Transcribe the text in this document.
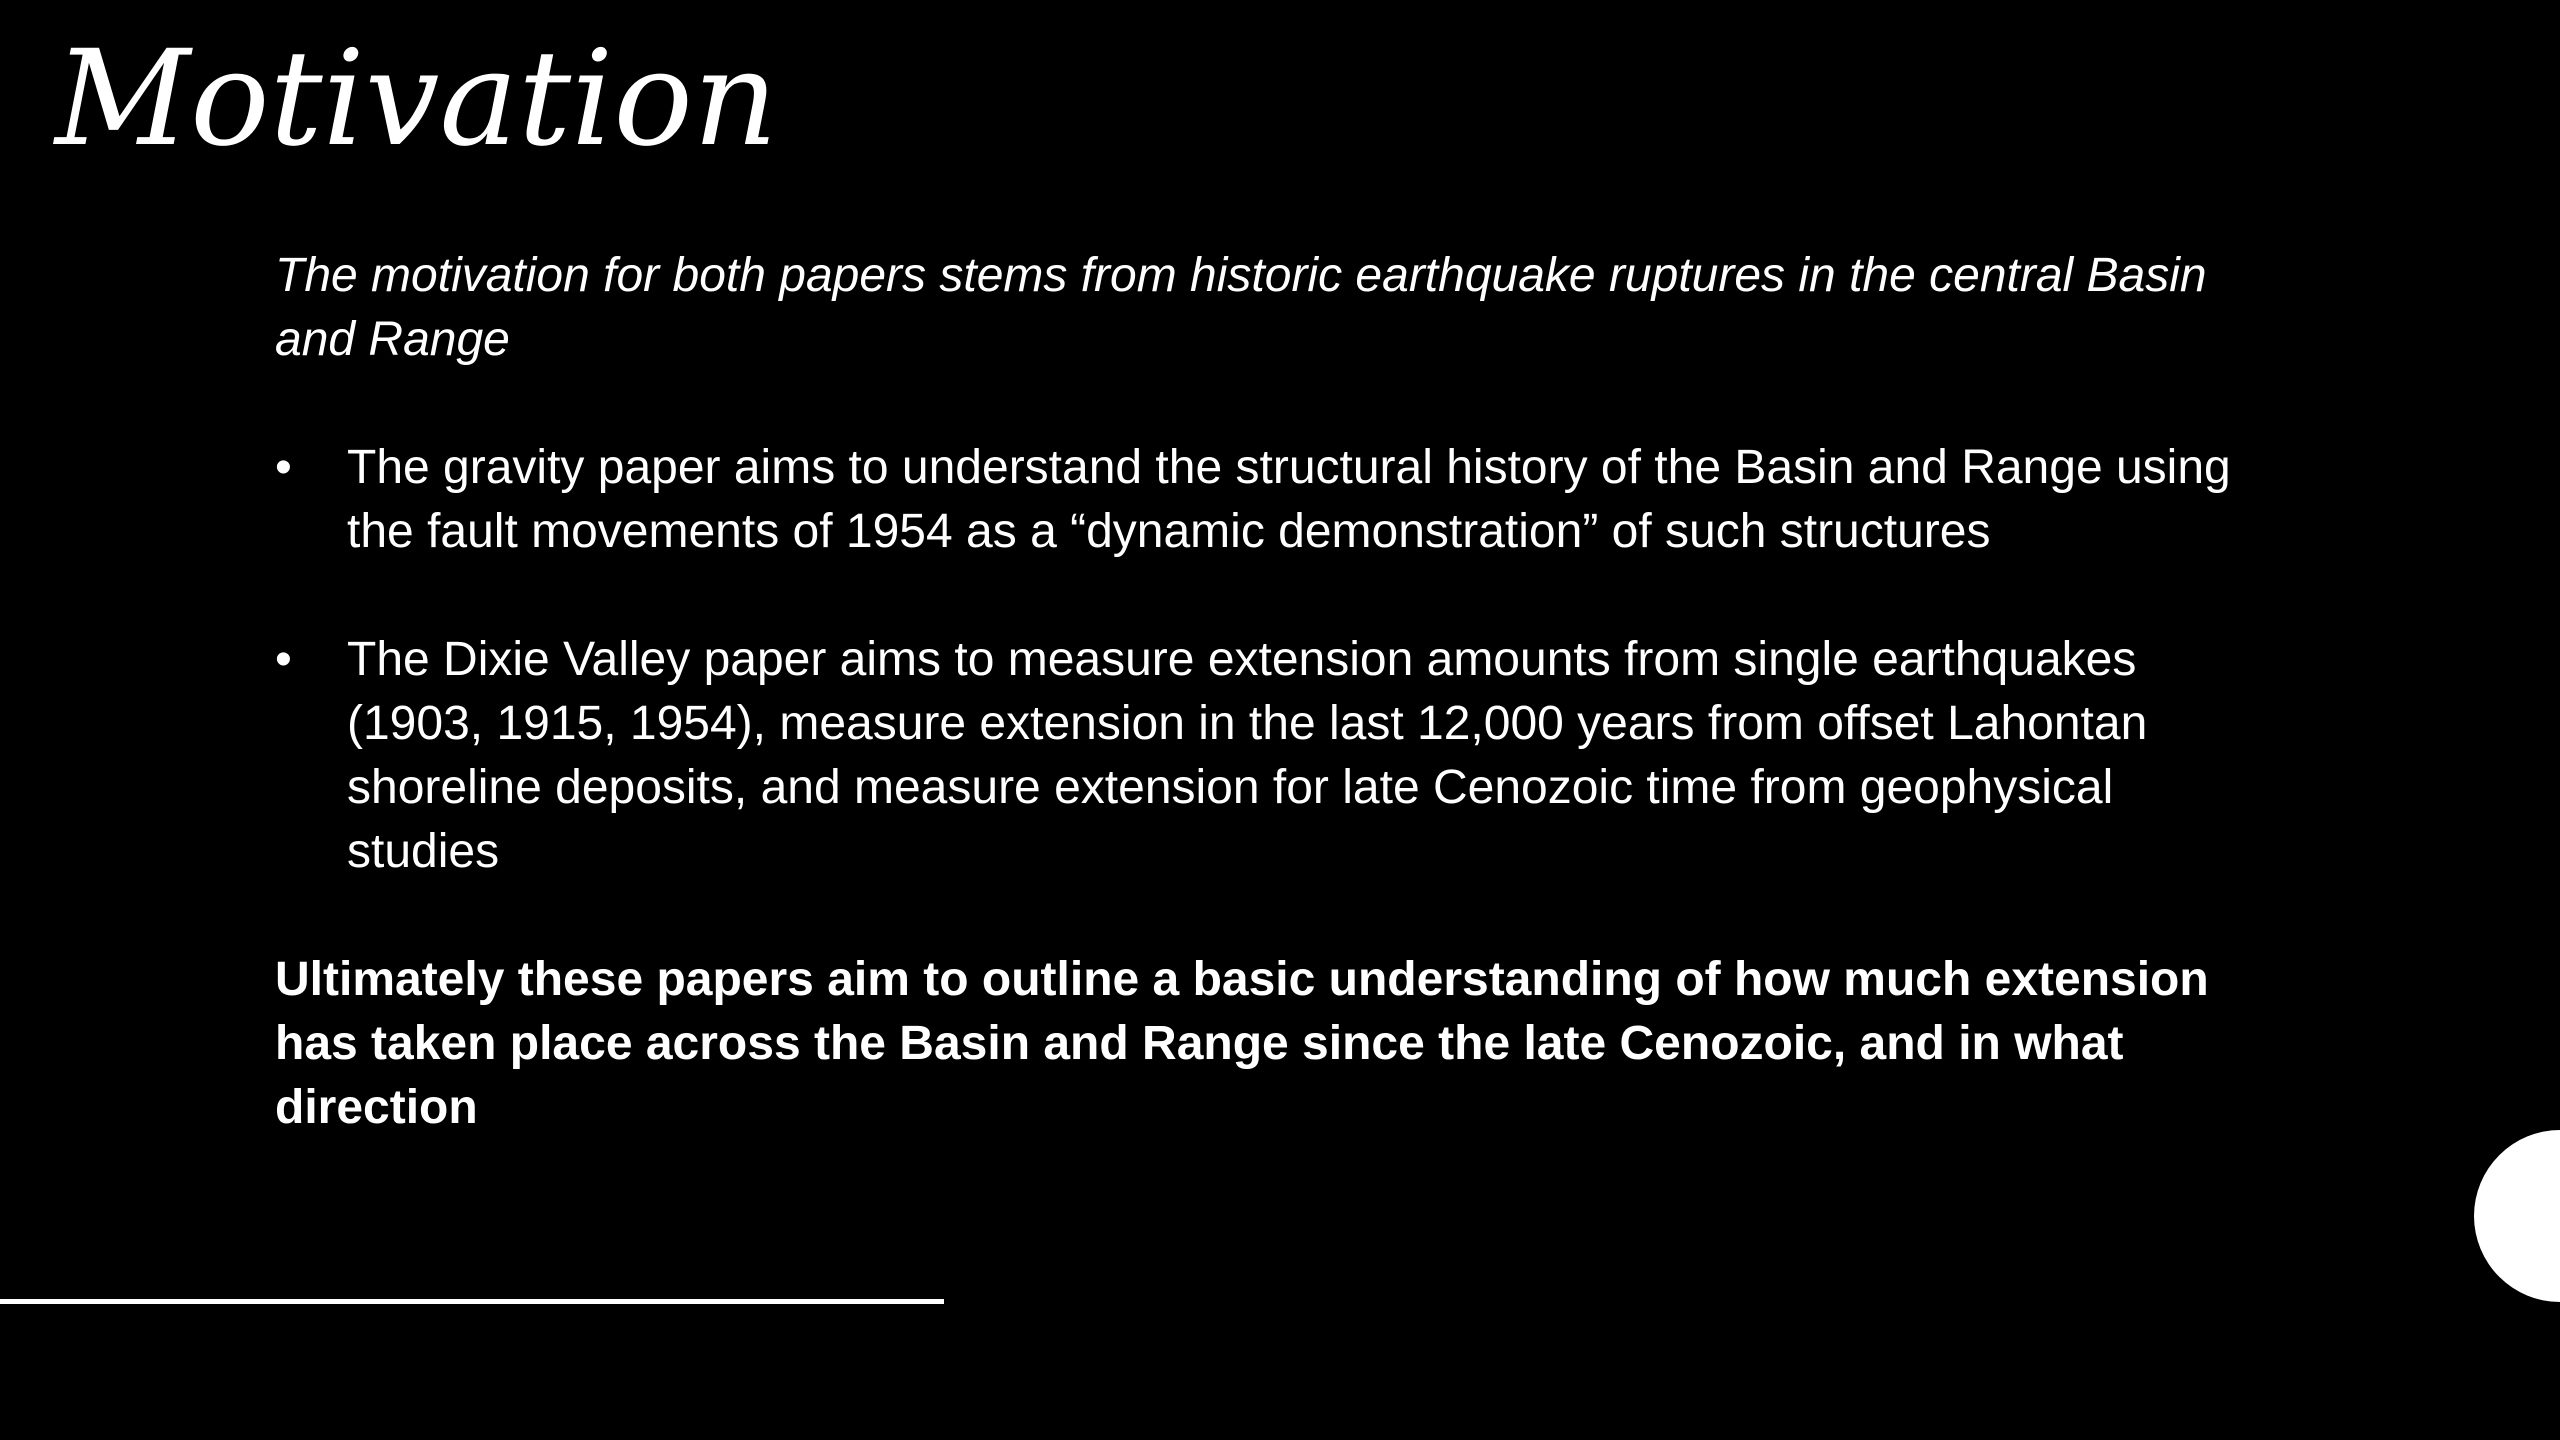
Motivation

The motivation for both papers stems from historic earthquake ruptures in the central Basin and Range

•	The gravity paper aims to understand the structural history of the Basin and Range using the fault movements of 1954 as a “dynamic demonstration” of such structures
•	The Dixie Valley paper aims to measure extension amounts from single earthquakes (1903, 1915, 1954), measure extension in the last 12,000 years from offset Lahontan shoreline deposits, and measure extension for late Cenozoic time from geophysical studies

Ultimately these papers aim to outline a basic understanding of how much extension has taken place across the Basin and Range since the late Cenozoic, and in what direction
